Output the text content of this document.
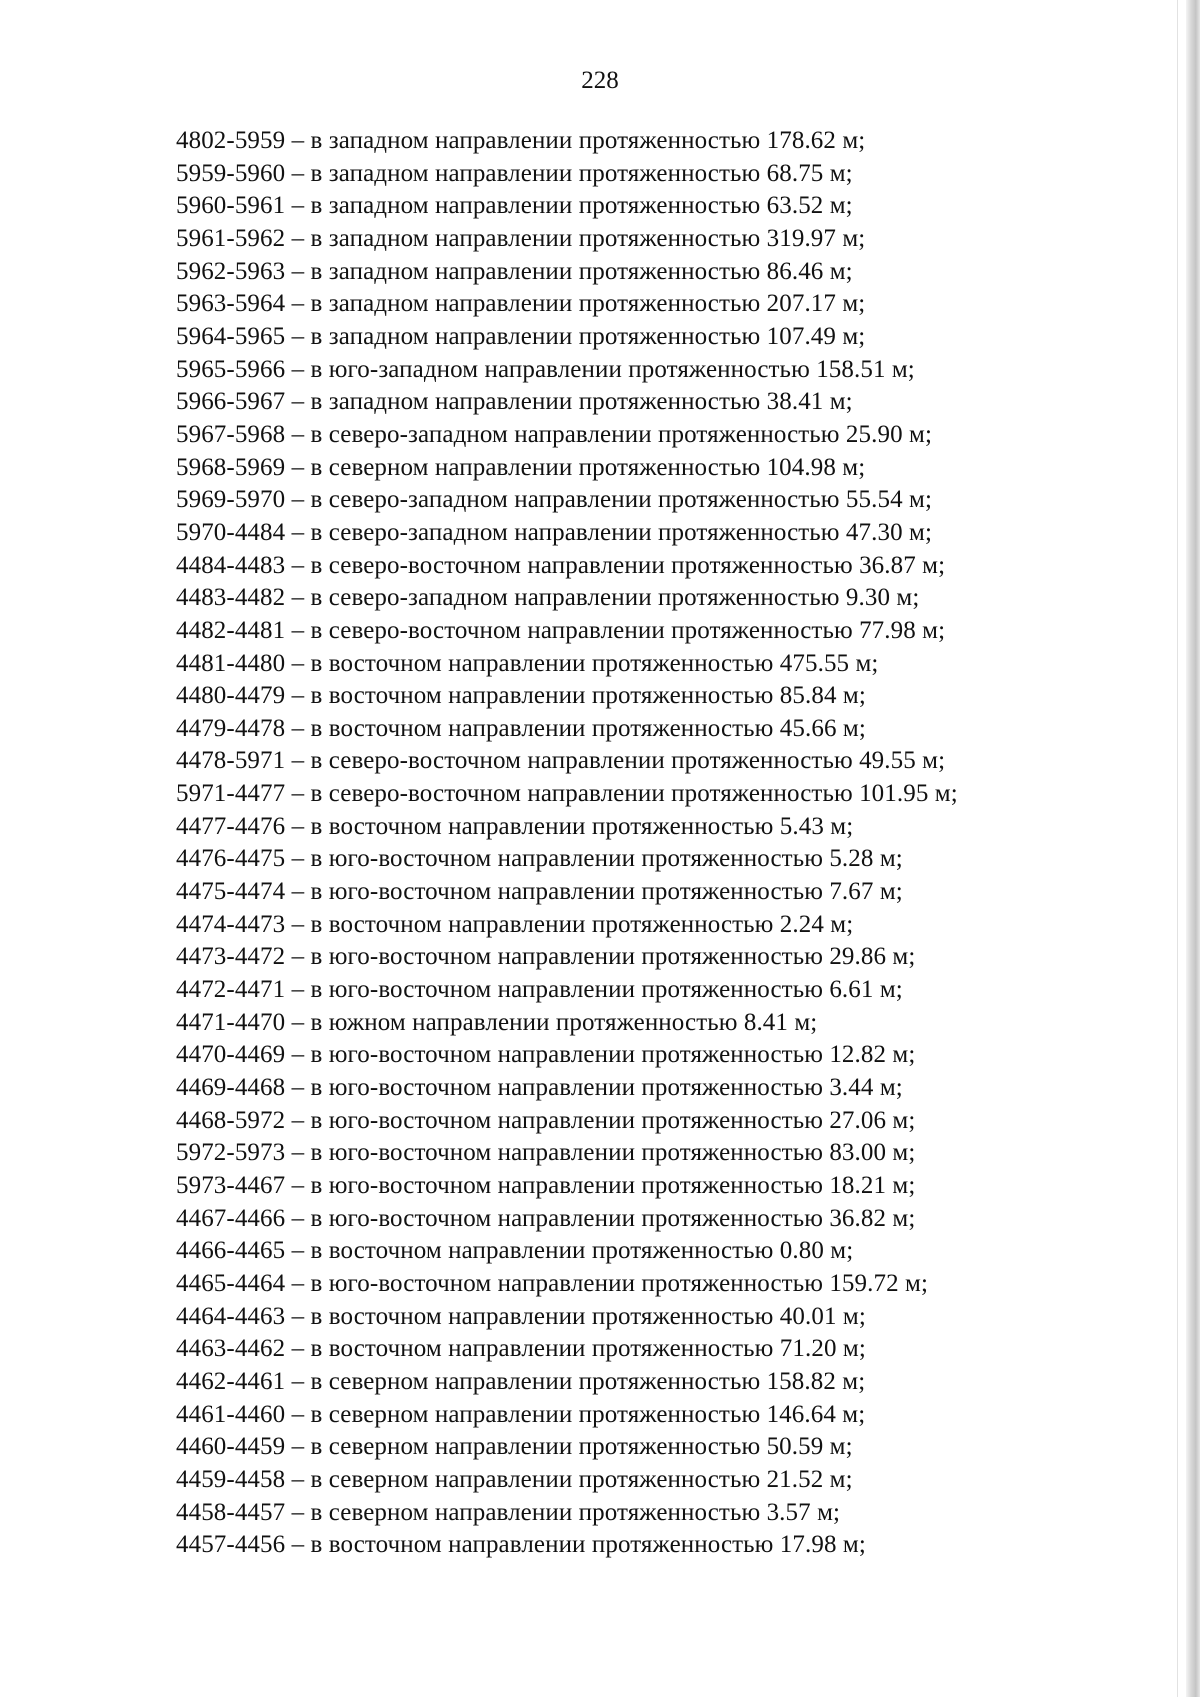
228
4802-5959 – в западном направлении протяженностью 178.62 м;
5959-5960 – в западном направлении протяженностью 68.75 м;
5960-5961 – в западном направлении протяженностью 63.52 м;
5961-5962 – в западном направлении протяженностью 319.97 м;
5962-5963 – в западном направлении протяженностью 86.46 м;
5963-5964 – в западном направлении протяженностью 207.17 м;
5964-5965 – в западном направлении протяженностью 107.49 м;
5965-5966 – в юго-западном направлении протяженностью 158.51 м;
5966-5967 – в западном направлении протяженностью 38.41 м;
5967-5968 – в северо-западном направлении протяженностью 25.90 м;
5968-5969 – в северном направлении протяженностью 104.98 м;
5969-5970 – в северо-западном направлении протяженностью 55.54 м;
5970-4484 – в северо-западном направлении протяженностью 47.30 м;
4484-4483 – в северо-восточном направлении протяженностью 36.87 м;
4483-4482 – в северо-западном направлении протяженностью 9.30 м;
4482-4481 – в северо-восточном направлении протяженностью 77.98 м;
4481-4480 – в восточном направлении протяженностью 475.55 м;
4480-4479 – в восточном направлении протяженностью 85.84 м;
4479-4478 – в восточном направлении протяженностью 45.66 м;
4478-5971 – в северо-восточном направлении протяженностью 49.55 м;
5971-4477 – в северо-восточном направлении протяженностью 101.95 м;
4477-4476 – в восточном направлении протяженностью 5.43 м;
4476-4475 – в юго-восточном направлении протяженностью 5.28 м;
4475-4474 – в юго-восточном направлении протяженностью 7.67 м;
4474-4473 – в восточном направлении протяженностью 2.24 м;
4473-4472 – в юго-восточном направлении протяженностью 29.86 м;
4472-4471 – в юго-восточном направлении протяженностью 6.61 м;
4471-4470 – в южном направлении протяженностью 8.41 м;
4470-4469 – в юго-восточном направлении протяженностью 12.82 м;
4469-4468 – в юго-восточном направлении протяженностью 3.44 м;
4468-5972 – в юго-восточном направлении протяженностью 27.06 м;
5972-5973 – в юго-восточном направлении протяженностью 83.00 м;
5973-4467 – в юго-восточном направлении протяженностью 18.21 м;
4467-4466 – в юго-восточном направлении протяженностью 36.82 м;
4466-4465 – в восточном направлении протяженностью 0.80 м;
4465-4464 – в юго-восточном направлении протяженностью 159.72 м;
4464-4463 – в восточном направлении протяженностью 40.01 м;
4463-4462 – в восточном направлении протяженностью 71.20 м;
4462-4461 – в северном направлении протяженностью 158.82 м;
4461-4460 – в северном направлении протяженностью 146.64 м;
4460-4459 – в северном направлении протяженностью 50.59 м;
4459-4458 – в северном направлении протяженностью 21.52 м;
4458-4457 – в северном направлении протяженностью 3.57 м;
4457-4456 – в восточном направлении протяженностью 17.98 м;
